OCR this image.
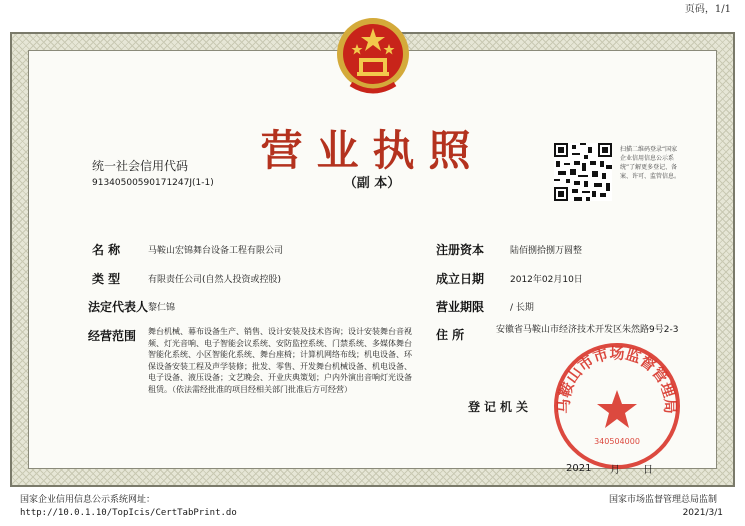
页码，1/1
营业执照
（副 本）
统一社会信用代码
91340500590171247J(1-1)
扫描二维码登录“国家企业信用信息公示系统”了解更多登记、备案、许可、监管信息。
名 称	马鞍山宏锦舞台设备工程有限公司
类 型	有限责任公司(自然人投资或控股)
法定代表人 黎仁锦
经营范围 舞台机械、幕布设备生产、销售、设计安装及技术咨询；设计安装舞台音视频、灯光音响、电子智能会议系统、安防监控系统、门禁系统、多媒体舞台智能化系统、小区智能化系统、舞台座椅；计算机网络布线；机电设备、环保设备安装工程及声学装修；批发、零售、开发舞台机械设备、机电设备、电子设备、液压设备；文艺晚会、开业庆典策划；户内外演出音响灯光设备租赁。（依法需经批准的项目经相关部门批准后方可经营）
注册资本	陆佰捌拾捌万圆整
成立日期	2012年02月10日
营业期限	/ 长期
住 所	安徽省马鞍山市经济技术开发区朱然路9号2-3
登记机关 马鞍山市市场监督管理局
340504000
2021 月 日
国家企业信用信息公示系统网址：
http://10.0.1.10/TopIcis/CertTabPrint.do
国家市场监督管理总局监制
2021/3/1
